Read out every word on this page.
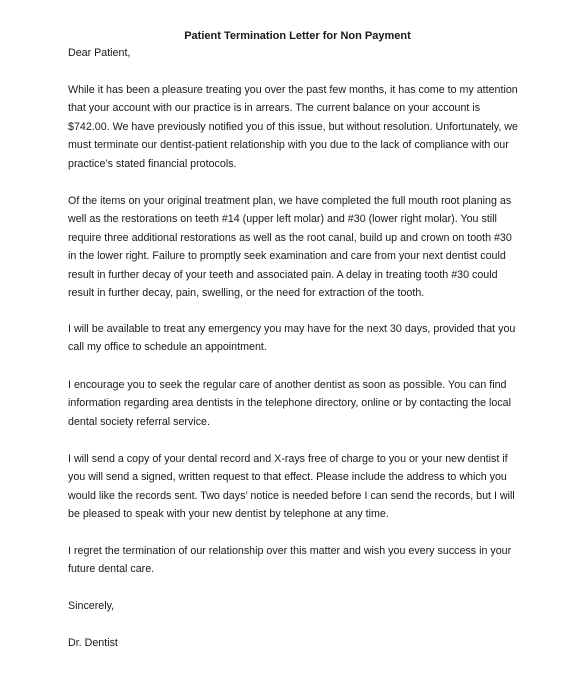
Patient Termination Letter for Non Payment

Dear Patient,

While it has been a pleasure treating you over the past few months, it has come to my attention that your account with our practice is in arrears. The current balance on your account is $742.00. We have previously notified you of this issue, but without resolution. Unfortunately, we must terminate our dentist-patient relationship with you due to the lack of compliance with our practice’s stated financial protocols.

Of the items on your original treatment plan, we have completed the full mouth root planing as well as the restorations on teeth #14 (upper left molar) and #30 (lower right molar). You still require three additional restorations as well as the root canal, build up and crown on tooth #30 in the lower right. Failure to promptly seek examination and care from your next dentist could result in further decay of your teeth and associated pain. A delay in treating tooth #30 could result in further decay, pain, swelling, or the need for extraction of the tooth.

I will be available to treat any emergency you may have for the next 30 days, provided that you call my office to schedule an appointment.

I encourage you to seek the regular care of another dentist as soon as possible. You can find information regarding area dentists in the telephone directory, online or by contacting the local dental society referral service.

I will send a copy of your dental record and X-rays free of charge to you or your new dentist if you will send a signed, written request to that effect. Please include the address to which you would like the records sent. Two days’ notice is needed before I can send the records, but I will be pleased to speak with your new dentist by telephone at any time.

I regret the termination of our relationship over this matter and wish you every success in your future dental care.

Sincerely,

Dr. Dentist
